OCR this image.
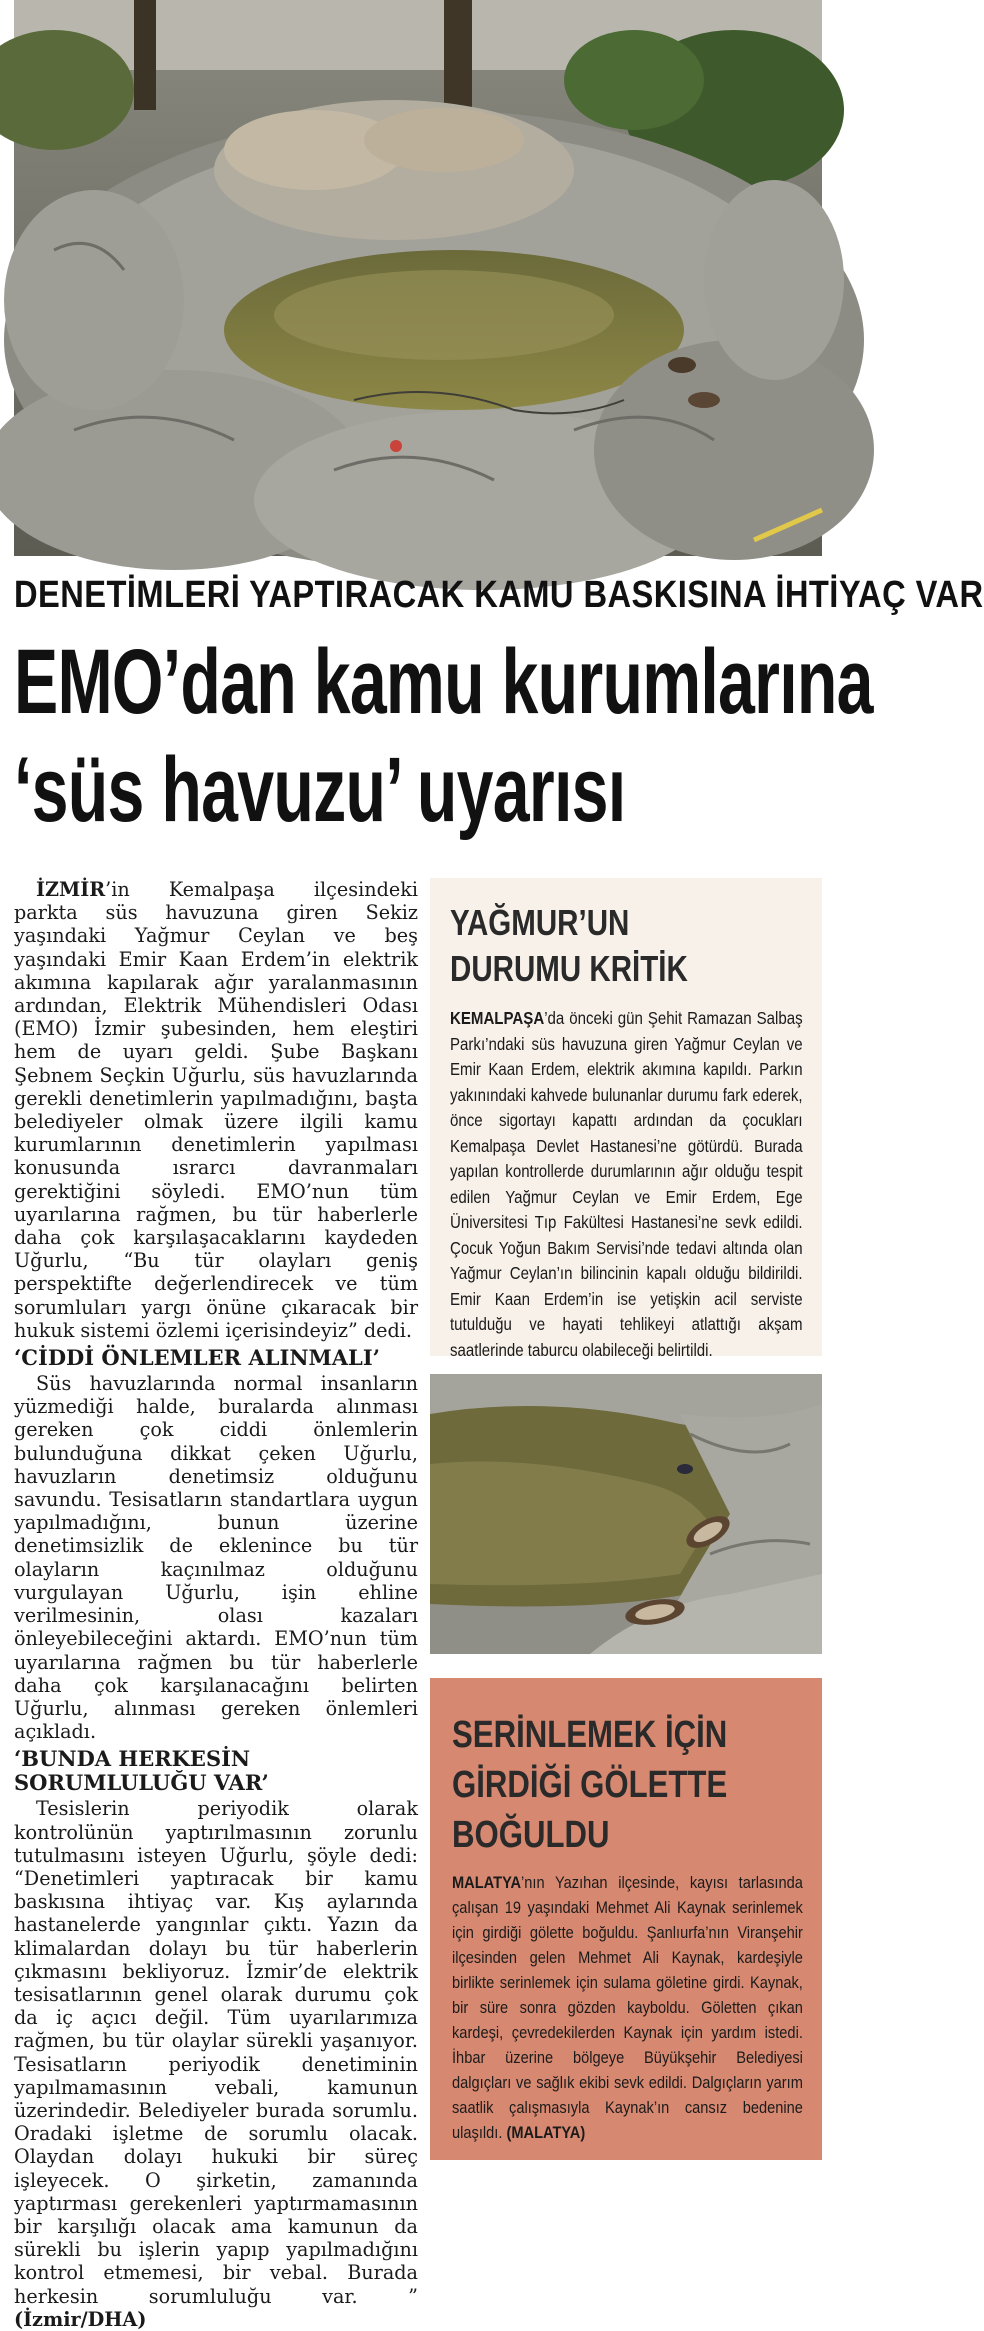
DENETİMLERİ YAPTIRACAK KAMU BASKISINA İHTİYAÇ VAR
EMO’dan kamu kurumlarına
‘süs havuzu’ uyarısı

İZMİR’in Kemalpaşa ilçesindeki parkta süs havuzuna giren Sekiz yaşındaki Yağmur Ceylan ve beş yaşındaki Emir Kaan Erdem’in elektrik akımına kapılarak ağır yaralanmasının ardından, Elektrik Mühendisleri Odası (EMO) İzmir şubesinden, hem eleştiri hem de uyarı geldi. Şube Başkanı Şebnem Seçkin Uğurlu, süs havuzlarında gerekli denetimlerin yapılmadığını, başta belediyeler olmak üzere ilgili kamu kurumlarının denetimlerin yapılması konusunda ısrarcı davranmaları gerektiğini söyledi. EMO’nun tüm uyarılarına rağmen, bu tür haberlerle daha çok karşılaşacaklarını kaydeden Uğurlu, “Bu tür olayları geniş perspektifte değerlendirecek ve tüm sorumluları yargı önüne çıkaracak bir hukuk sistemi özlemi içerisindeyiz” dedi.

‘CİDDİ ÖNLEMLER ALINMALI’

Süs havuzlarında normal insanların yüzmediği halde, buralarda alınması gereken çok ciddi önlemlerin bulunduğuna dikkat çeken Uğurlu, havuzların denetimsiz olduğunu savundu. Tesisatların standartlara uygun yapılmadığını, bunun üzerine denetimsizlik de eklenince bu tür olayların kaçınılmaz olduğunu vurgulayan Uğurlu, işin ehline verilmesinin, olası kazaları önleyebileceğini aktardı. EMO’nun tüm uyarılarına rağmen bu tür haberlerle daha çok karşılanacağını belirten Uğurlu, alınması gereken önlemleri açıkladı.

‘BUNDA HERKESİN SORUMLULUĞU VAR’

Tesislerin periyodik olarak kontrolünün yaptırılmasının zorunlu tutulmasını isteyen Uğurlu, şöyle dedi: “Denetimleri yaptıracak bir kamu baskısına ihtiyaç var. Kış aylarında hastanelerde yangınlar çıktı. Yazın da klimalardan dolayı bu tür haberlerin çıkmasını bekliyoruz. İzmir’de elektrik tesisatlarının genel olarak durumu çok da iç açıcı değil. Tüm uyarılarımıza rağmen, bu tür olaylar sürekli yaşanıyor. Tesisatların periyodik denetiminin yapılmamasının vebali, kamunun üzerindedir. Belediyeler burada sorumlu. Oradaki işletme de sorumlu olacak. Olaydan dolayı hukuki bir süreç işleyecek. O şirketin, zamanında yaptırması gerekenleri yaptırmamasının bir karşılığı olacak ama kamunun da sürekli bu işlerin yapıp yapılmadığını kontrol etmemesi, bir vebal. Burada herkesin sorumluluğu var. ” (İzmir/DHA)

YAĞMUR’UN
DURUMU KRİTİK
KEMALPAŞA’da önceki gün Şehit Ramazan Salbaş Parkı’ndaki süs havuzuna giren Yağmur Ceylan ve Emir Kaan Erdem, elektrik akımına kapıldı. Parkın yakınındaki kahvede bulunanlar durumu fark ederek, önce sigortayı kapattı ardından da çocukları Kemalpaşa Devlet Hastanesi’ne götürdü. Burada yapılan kontrollerde durumlarının ağır olduğu tespit edilen Yağmur Ceylan ve Emir Erdem, Ege Üniversitesi Tıp Fakültesi Hastanesi’ne sevk edildi. Çocuk Yoğun Bakım Servisi’nde tedavi altında olan Yağmur Ceylan’ın bilincinin kapalı olduğu bildirildi. Emir Kaan Erdem’in ise yetişkin acil serviste tutulduğu ve hayati tehlikeyi atlattığı akşam saatlerinde taburcu olabileceği belirtildi.
SERİNLEMEK İÇİN
GİRDİĞİ GÖLETTE
BOĞULDU
MALATYA’nın Yazıhan ilçesinde, kayısı tarlasında çalışan 19 yaşındaki Mehmet Ali Kaynak serinlemek için girdiği gölette boğuldu. Şanlıurfa’nın Viranşehir ilçesinden gelen Mehmet Ali Kaynak, kardeşiyle birlikte serinlemek için sulama göletine girdi. Kaynak, bir süre sonra gözden kayboldu. Göletten çıkan kardeşi, çevredekilerden Kaynak için yardım istedi. İhbar üzerine bölgeye Büyükşehir Belediyesi dalgıçları ve sağlık ekibi sevk edildi. Dalgıçların yarım saatlik çalışmasıyla Kaynak’ın cansız bedenine ulaşıldı. (MALATYA)
